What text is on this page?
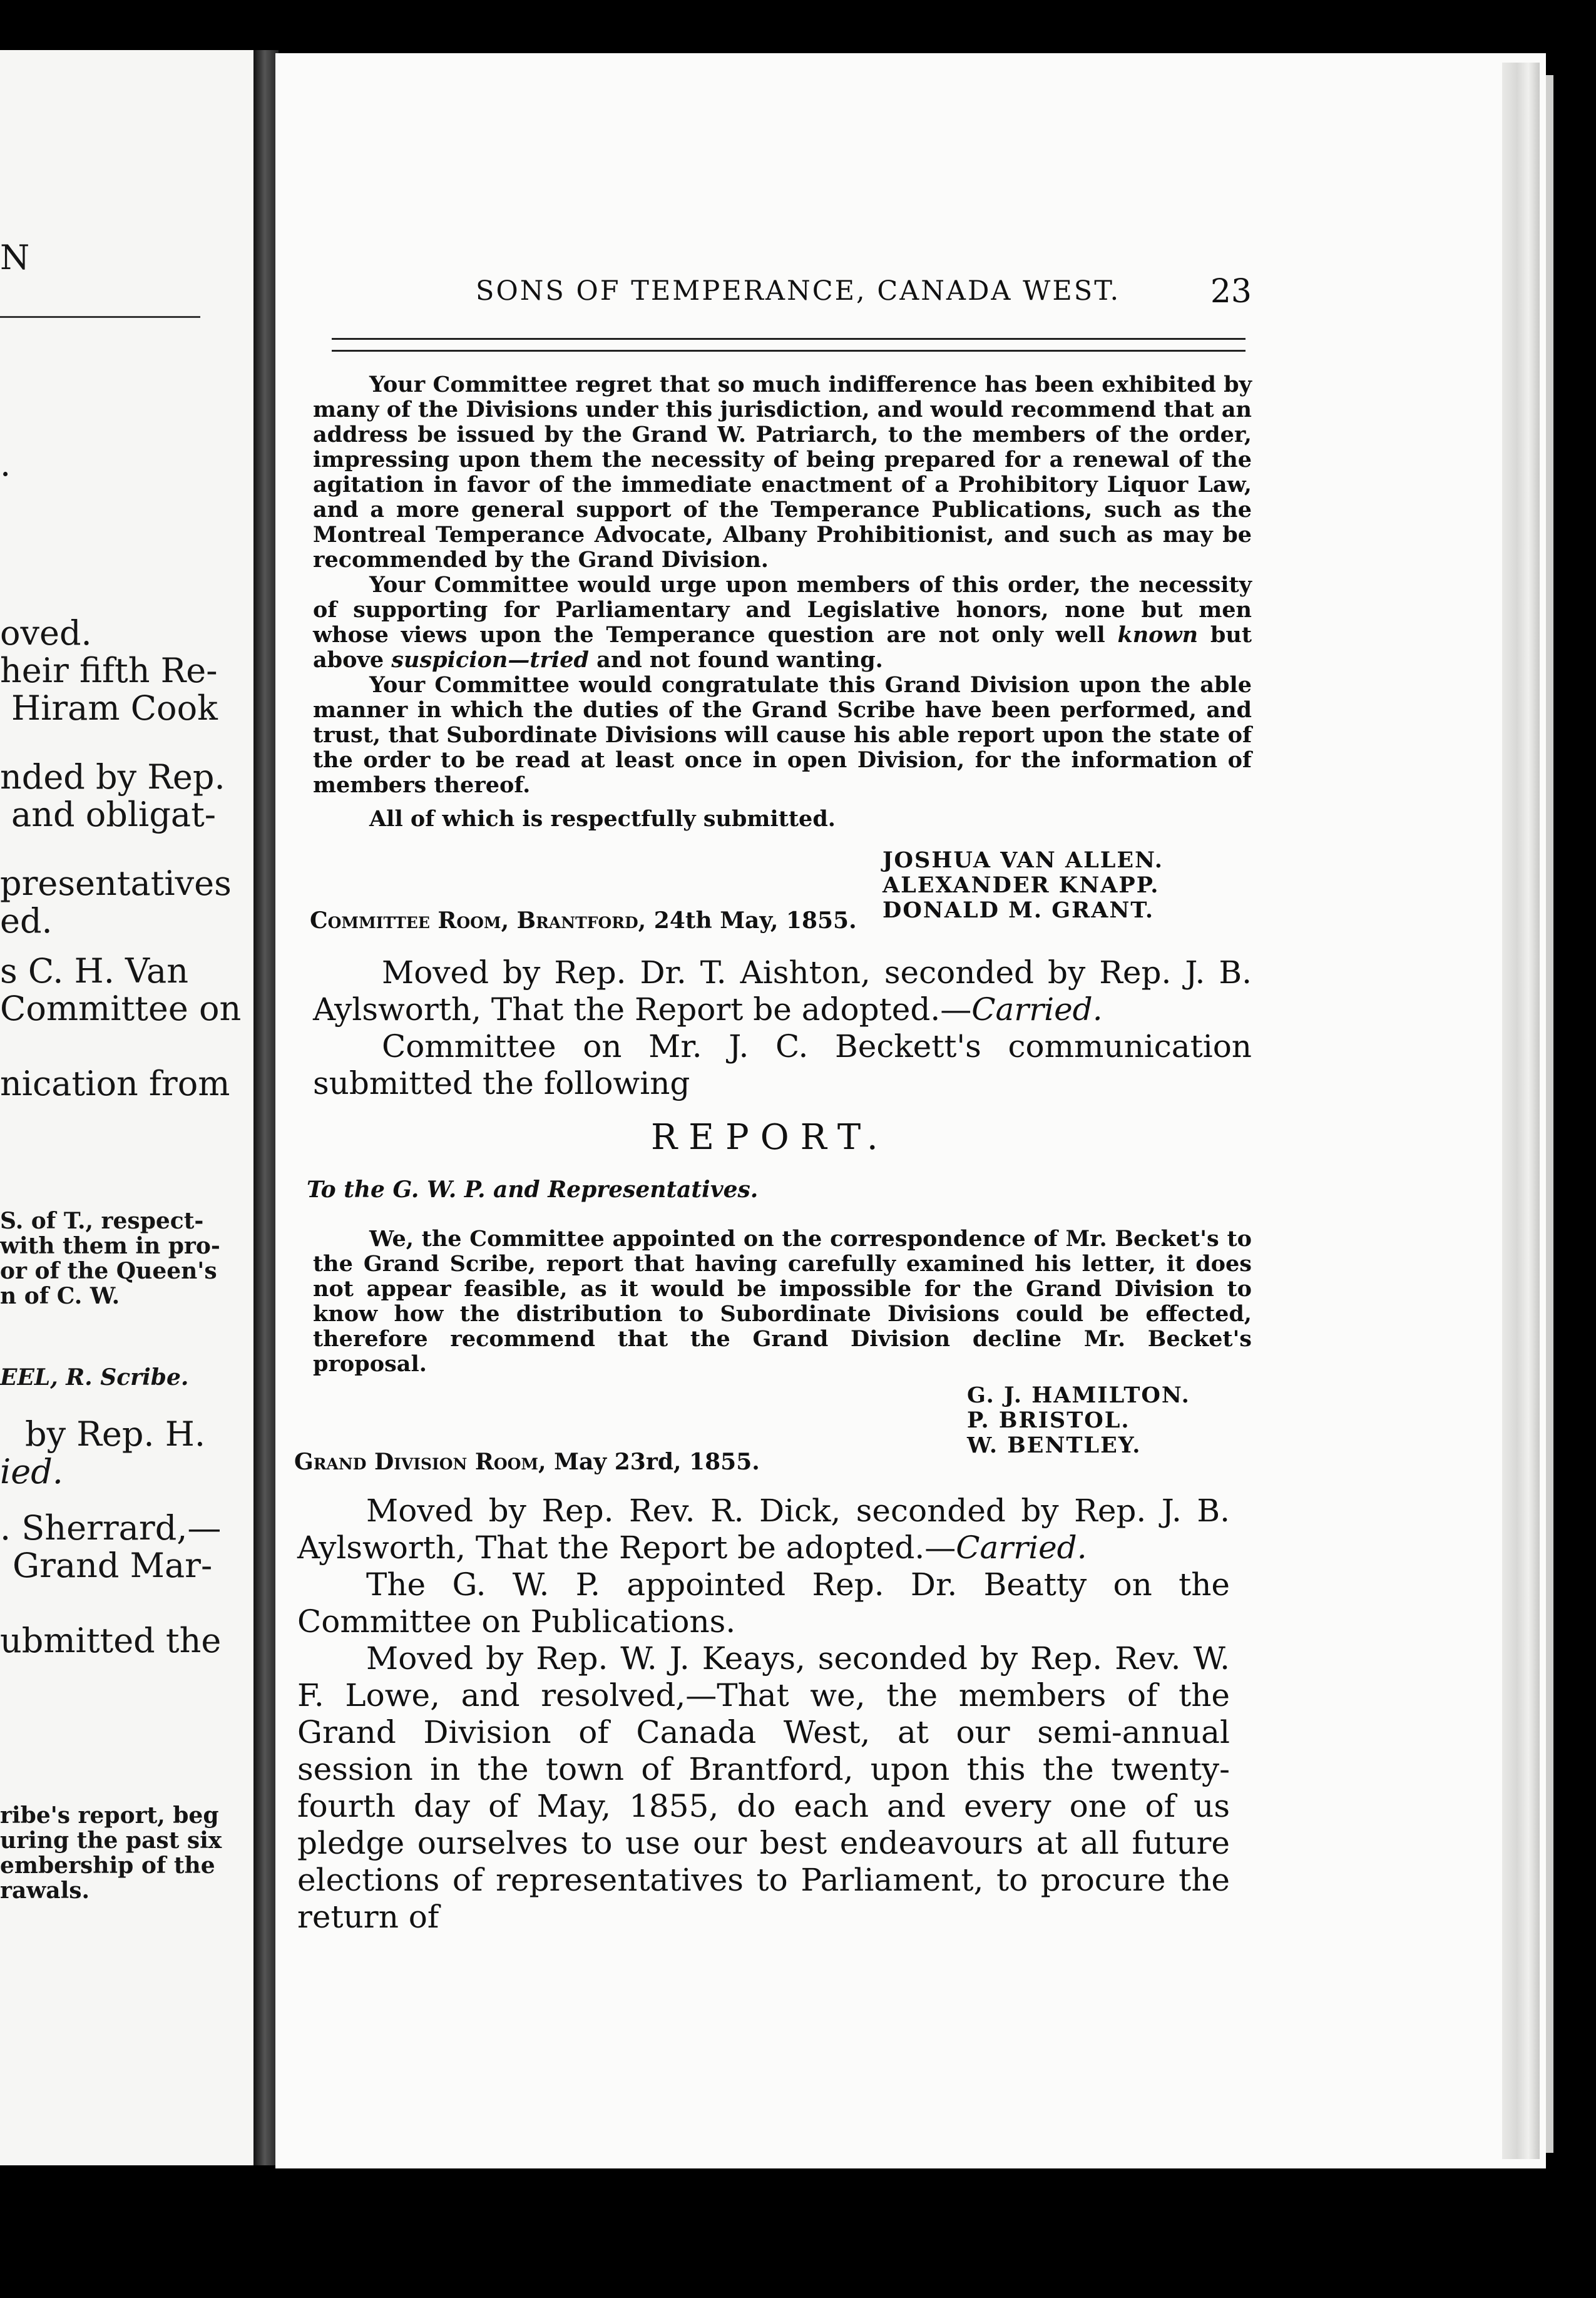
N
.
oved.
heir fifth Re-
Hiram Cook
nded by Rep.
and obligat-
presentatives
ed.
s C. H. Van
Committee on
nication from
S. of T., respect-
with them in pro-
or of the Queen's
n of C. W.
EEL, R. Scribe.
by Rep. H.
ied.
. Sherrard,—
Grand Mar-
ubmitted the
ribe's report, beg
uring the past six
embership of the
rawals.
SONS OF TEMPERANCE, CANADA WEST.	23

Your Committee regret that so much indifference has been exhibited by many of the Divisions under this jurisdiction, and would recommend that an address be issued by the Grand W. Patriarch, to the members of the order, impressing upon them the necessity of being prepared for a renewal of the agitation in favor of the immediate enactment of a Prohibitory Liquor Law, and a more general support of the Temperance Publications, such as the Montreal Temperance Advocate, Albany Prohibitionist, and such as may be recommended by the Grand Division.

Your Committee would urge upon members of this order, the necessity of supporting for Parliamentary and Legislative honors, none but men whose views upon the Temperance question are not only well known but above suspicion—tried and not found wanting.

Your Committee would congratulate this Grand Division upon the able manner in which the duties of the Grand Scribe have been performed, and trust, that Subordinate Divisions will cause his able report upon the state of the order to be read at least once in open Division, for the information of members thereof.

All of which is respectfully submitted.

JOSHUA VAN ALLEN.
ALEXANDER KNAPP.
DONALD M. GRANT.
Committee Room, Brantford, 24th May, 1855.

Moved by Rep. Dr. T. Aishton, seconded by Rep. J. B. Aylsworth, That the Report be adopted.—Carried.

Committee on Mr. J. C. Beckett's communication submitted the following

REPORT.
To the G. W. P. and Representatives.

We, the Committee appointed on the correspondence of Mr. Becket's to the Grand Scribe, report that having carefully examined his letter, it does not appear feasible, as it would be impossible for the Grand Division to know how the distribution to Subordinate Divisions could be effected, therefore recommend that the Grand Division decline Mr. Becket's proposal.

G. J. HAMILTON.
P. BRISTOL.
W. BENTLEY.
Grand Division Room, May 23rd, 1855.

Moved by Rep. Rev. R. Dick, seconded by Rep. J. B. Aylsworth, That the Report be adopted.—Carried.

The G. W. P. appointed Rep. Dr. Beatty on the Committee on Publications.

Moved by Rep. W. J. Keays, seconded by Rep. Rev. W. F. Lowe, and resolved,—That we, the members of the Grand Division of Canada West, at our semi-annual session in the town of Brantford, upon this the twenty-fourth day of May, 1855, do each and every one of us pledge ourselves to use our best endeavours at all future elections of representatives to Parliament, to procure the return of
